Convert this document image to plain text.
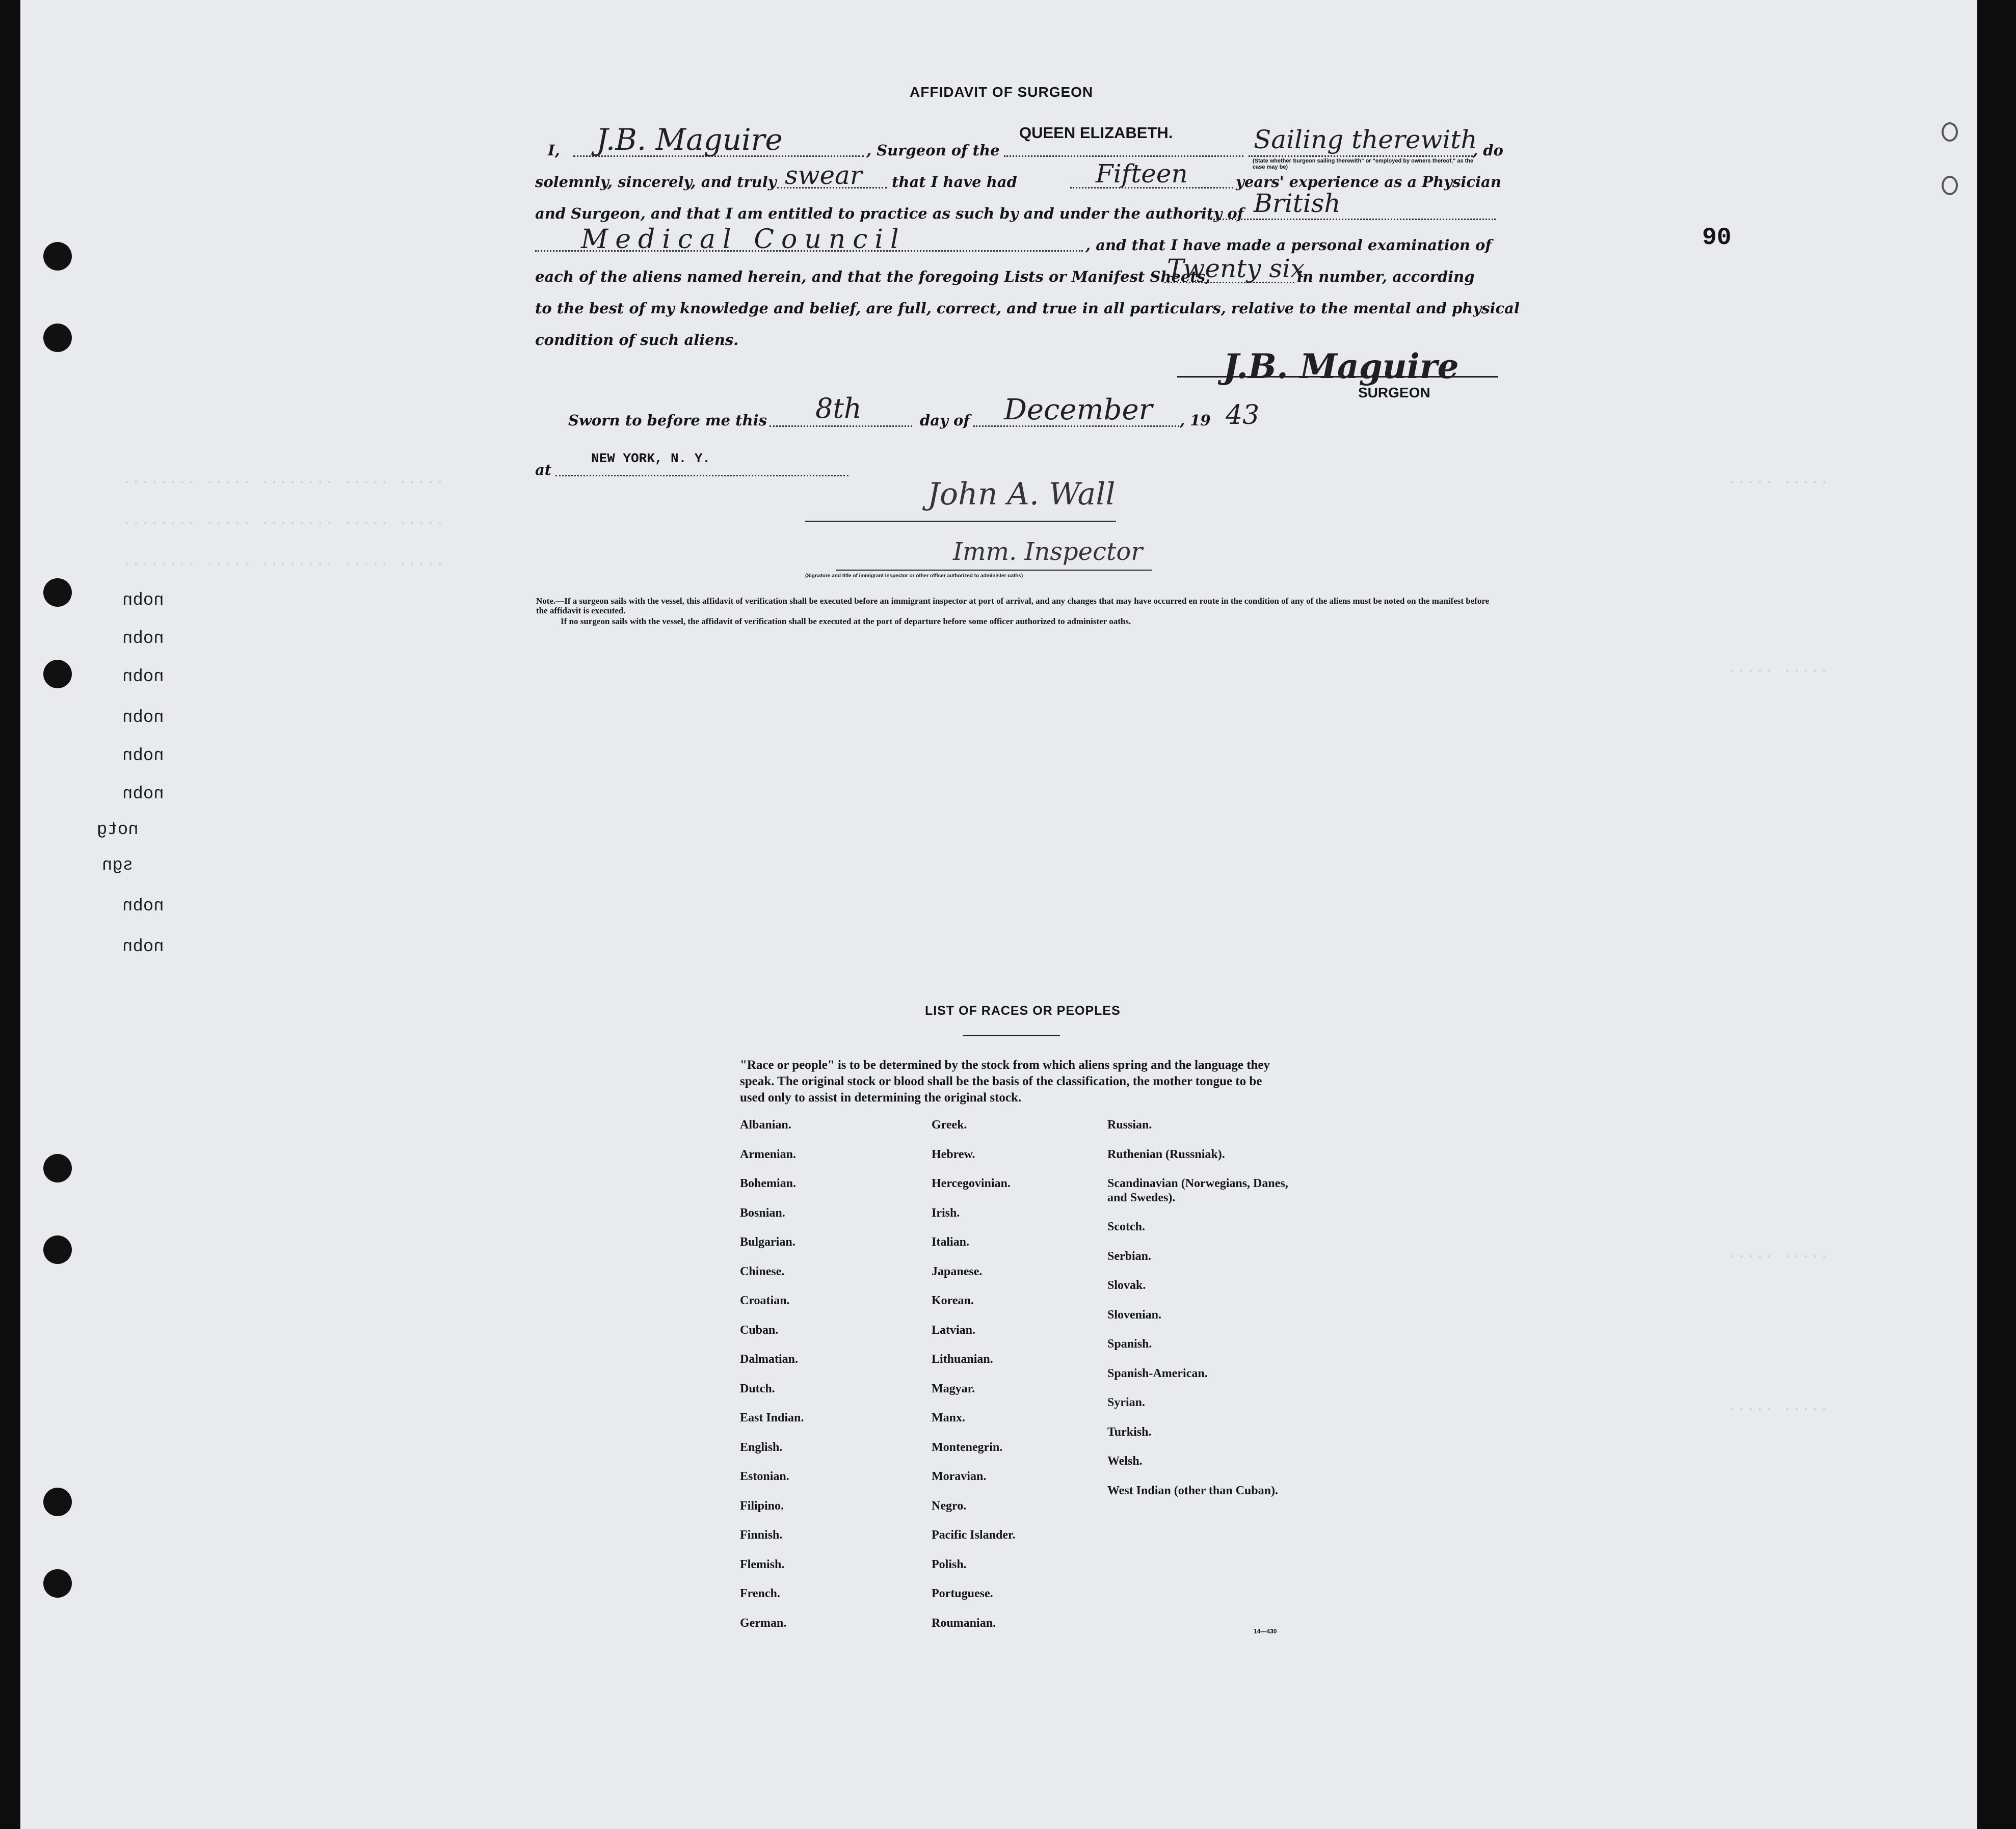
········ ····· ········ ····· ·····
········ ····· ········ ····· ·····
········ ····· ········ ····· ·····
····· ·····
····· ·····
····· ·····
····· ·····
nobn
nobn
nobn
nobn
nobn
nobn
notg
sgn
nobn
nobn
90
AFFIDAVIT OF SURGEON
I, J.B. Maguire	, Surgeon of the
QUEEN ELIZABETH.	Sailing therewith
, do
(State whether Surgeon sailing therewith" or "employed by owners thereof," as the case may be)
solemnly, sincerely, and truly swear that I have had	Fifteen	years' experience as a Physician
and Surgeon, and that I am entitled to practice as such by and under the authority of British
Medical Council	, and that I have made a personal examination of
each of the aliens named herein, and that the foregoing Lists or Manifest Sheets,
Twenty six
in number, according
to the best of my knowledge and belief, are full, correct, and true in all particulars, relative to the mental and physical
condition of such aliens.
J.B. Maguire
SURGEON
Sworn to before me this 8th	day of December , 19 43
at
NEW YORK, N. Y.
John A. Wall
Imm. Inspector
(Signature and title of immigrant inspector or other officer authorized to administer oaths)
Note.—If a surgeon sails with the vessel, this affidavit of verification shall be executed before an immigrant inspector at port of arrival, and any changes that may have occurred en route in the condition of any of the aliens must be noted on the manifest before the affidavit is executed.
If no surgeon sails with the vessel, the affidavit of verification shall be executed at the port of departure before some officer authorized to administer oaths.
LIST OF RACES OR PEOPLES
"Race or people" is to be determined by the stock from which aliens spring and the language they speak. The original stock or blood shall be the basis of the classification, the mother tongue to be used only to assist in determining the original stock.
Albanian.
Armenian.
Bohemian.
Bosnian.
Bulgarian.
Chinese.
Croatian.
Cuban.
Dalmatian.
Dutch.
East Indian.
English.
Estonian.
Filipino.
Finnish.
Flemish.
French.
German.
Greek.
Hebrew.
Hercegovinian.
Irish.
Italian.
Japanese.
Korean.
Latvian.
Lithuanian.
Magyar.
Manx.
Montenegrin.
Moravian.
Negro.
Pacific Islander.
Polish.
Portuguese.
Roumanian.
Russian.
Ruthenian (Russniak).
Scandinavian (Norwegians, Danes, and Swedes).
Scotch.
Serbian.
Slovak.
Slovenian.
Spanish.
Spanish-American.
Syrian.
Turkish.
Welsh.
West Indian (other than Cuban).
14—430
